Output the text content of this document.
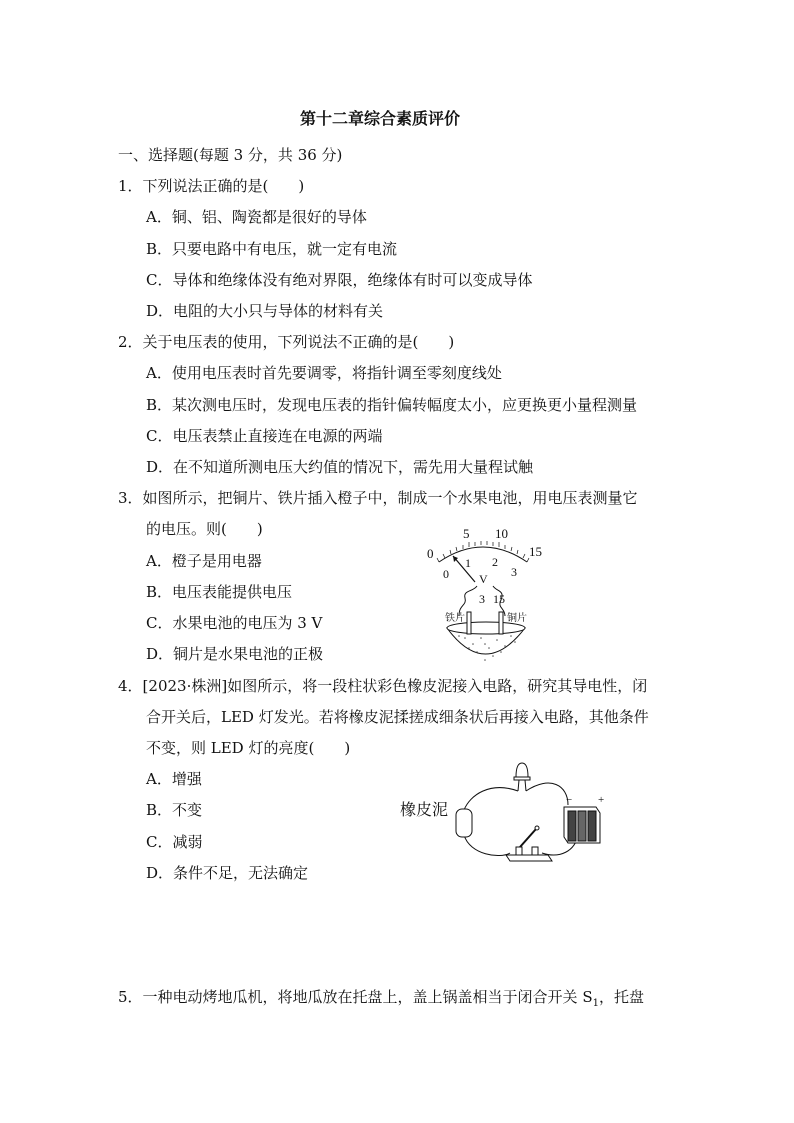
第十二章综合素质评价
一、选择题(每题 3 分，共 36 分)
1．下列说法正确的是(　　)
A．铜、铝、陶瓷都是很好的导体
B．只要电路中有电压，就一定有电流
C．导体和绝缘体没有绝对界限，绝缘体有时可以变成导体
D．电阻的大小只与导体的材料有关
2．关于电压表的使用，下列说法不正确的是(　　)
A．使用电压表时首先要调零，将指针调至零刻度线处
B．某次测电压时，发现电压表的指针偏转幅度太小，应更换更小量程测量
C．电压表禁止直接连在电源的两端
D．在不知道所测电压大约值的情况下，需先用大量程试触
3．如图所示，把铜片、铁片插入橙子中，制成一个水果电池，用电压表测量它
的电压。则(　　)
A．橙子是用电器
B．电压表能提供电压
C．水果电池的电压为 3 V
D．铜片是水果电池的正极
0
5 10
15
0
1 2
3
V
3 15
铁片	铜片
4．[2023·株洲]如图所示，将一段柱状彩色橡皮泥接入电路，研究其导电性，闭
合开关后，LED 灯发光。若将橡皮泥揉搓成细条状后再接入电路，其他条件
不变，则 LED 灯的亮度(　　)
A．增强
B．不变
C．减弱
D．条件不足，无法确定
橡皮泥	− +
5．一种电动烤地瓜机，将地瓜放在托盘上，盖上锅盖相当于闭合开关 $S_1$，托盘
